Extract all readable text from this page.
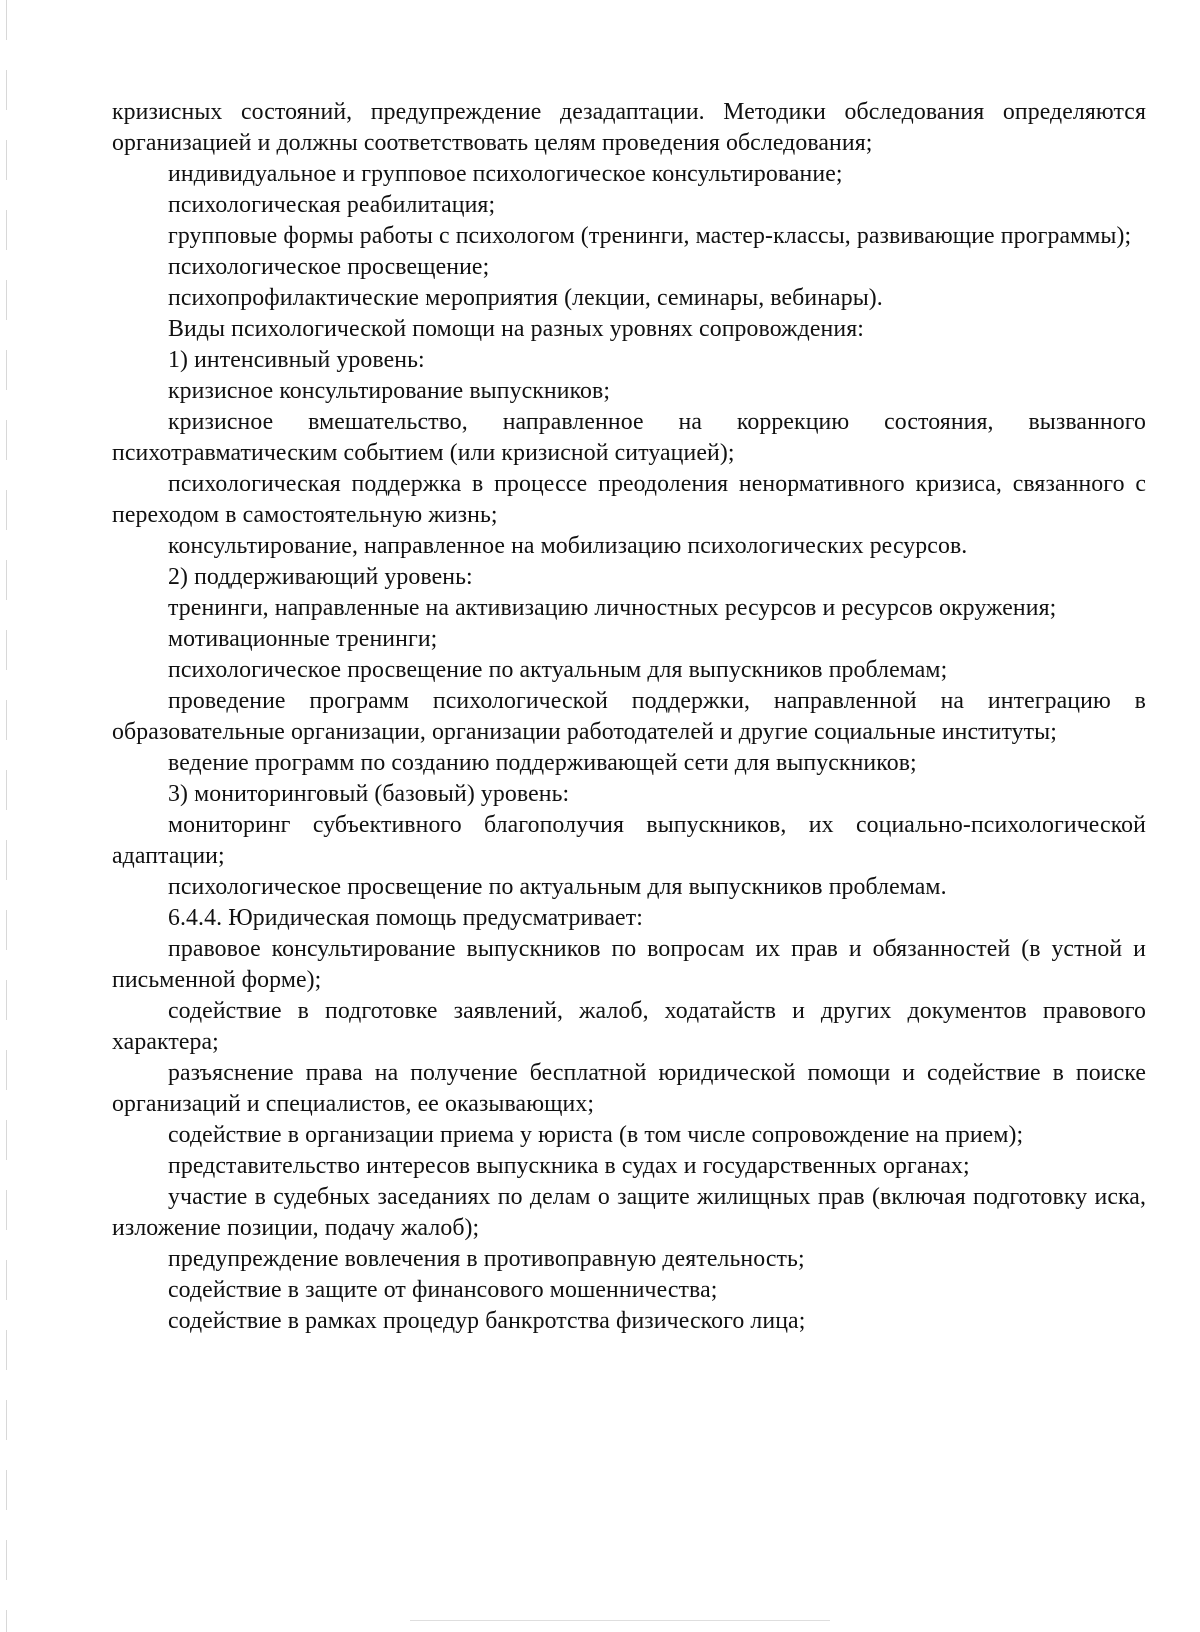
кризисных состояний, предупреждение дезадаптации. Методики обследования определяются организацией и должны соответствовать целям проведения обследования;

индивидуальное и групповое психологическое консультирование;

психологическая реабилитация;

групповые формы работы с психологом (тренинги, мастер-классы, развивающие программы);

психологическое просвещение;

психопрофилактические мероприятия (лекции, семинары, вебинары).

Виды психологической помощи на разных уровнях сопровождения:

1) интенсивный уровень:

кризисное консультирование выпускников;

кризисное вмешательство, направленное на коррекцию состояния, вызванного психотравматическим событием (или кризисной ситуацией);

психологическая поддержка в процессе преодоления ненормативного кризиса, связанного с переходом в самостоятельную жизнь;

консультирование, направленное на мобилизацию психологических ресурсов.

2) поддерживающий уровень:

тренинги, направленные на активизацию личностных ресурсов и ресурсов окружения;

мотивационные тренинги;

психологическое просвещение по актуальным для выпускников проблемам;

проведение программ психологической поддержки, направленной на интеграцию в образовательные организации, организации работодателей и другие социальные институты;

ведение программ по созданию поддерживающей сети для выпускников;

3) мониторинговый (базовый) уровень:

мониторинг субъективного благополучия выпускников, их социально-психологической адаптации;

психологическое просвещение по актуальным для выпускников проблемам.

6.4.4. Юридическая помощь предусматривает:

правовое консультирование выпускников по вопросам их прав и обязанностей (в устной и письменной форме);

содействие в подготовке заявлений, жалоб, ходатайств и других документов правового характера;

разъяснение права на получение бесплатной юридической помощи и содействие в поиске организаций и специалистов, ее оказывающих;

содействие в организации приема у юриста (в том числе сопровождение на прием);

представительство интересов выпускника в судах и государственных органах;

участие в судебных заседаниях по делам о защите жилищных прав (включая подготовку иска, изложение позиции, подачу жалоб);

предупреждение вовлечения в противоправную деятельность;

содействие в защите от финансового мошенничества;

содействие в рамках процедур банкротства физического лица;
